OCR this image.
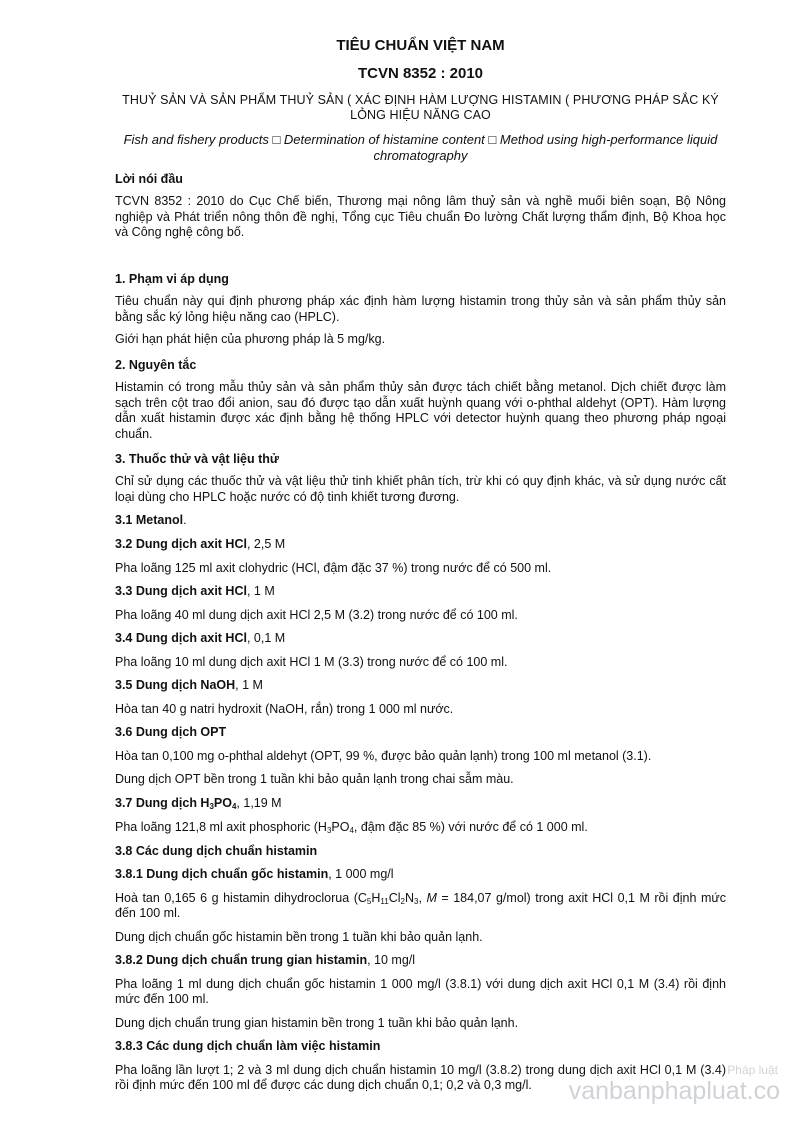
TIÊU CHUẨN VIỆT NAM

TCVN 8352 : 2010

THUỶ SẢN VÀ SẢN PHẨM THUỶ SẢN ( XÁC ĐỊNH HÀM LƯỢNG HISTAMIN ( PHƯƠNG PHÁP SẮC KÝ LỎNG HIỆU NĂNG CAO

Fish and fishery products □ Determination of histamine content □ Method using high-performance liquid chromatography

Lời nói đầu

TCVN 8352 : 2010 do Cục Chế biến, Thương mại nông lâm thuỷ sản và nghề muối biên soạn, Bộ Nông nghiệp và Phát triển nông thôn đề nghị, Tổng cục Tiêu chuẩn Đo lường Chất lượng thẩm định, Bộ Khoa học và Công nghệ công bố.

1. Phạm vi áp dụng

Tiêu chuẩn này qui định phương pháp xác định hàm lượng histamin trong thủy sản và sản phẩm thủy sản bằng sắc ký lỏng hiệu năng cao (HPLC).

Giới hạn phát hiện của phương pháp là 5 mg/kg.

2. Nguyên tắc

Histamin có trong mẫu thủy sản và sản phẩm thủy sản được tách chiết bằng metanol. Dịch chiết được làm sạch trên cột trao đổi anion, sau đó được tạo dẫn xuất huỳnh quang với o-phthal aldehyt (OPT). Hàm lượng dẫn xuất histamin được xác định bằng hệ thống HPLC với detector huỳnh quang theo phương pháp ngoại chuẩn.

3. Thuốc thử và vật liệu thử

Chỉ sử dụng các thuốc thử và vật liệu thử tinh khiết phân tích, trừ khi có quy định khác, và sử dụng nước cất loại dùng cho HPLC hoặc nước có độ tinh khiết tương đương.

3.1 Metanol.

3.2 Dung dịch axit HCl, 2,5 M

Pha loãng 125 ml axit clohydric (HCl, đậm đặc 37 %) trong nước để có 500 ml.

3.3 Dung dịch axit HCl, 1 M

Pha loãng 40 ml dung dịch axit HCl 2,5 M (3.2) trong nước để có 100 ml.

3.4 Dung dịch axit HCl, 0,1 M

Pha loãng 10 ml dung dịch axit HCl 1 M (3.3) trong nước để có 100 ml.

3.5 Dung dịch NaOH, 1 M

Hòa tan 40 g natri hydroxit (NaOH, rắn) trong 1 000 ml nước.

3.6 Dung dịch OPT

Hòa tan 0,100 mg o-phthal aldehyt (OPT, 99 %, được bảo quản lạnh) trong 100 ml metanol (3.1).

Dung dịch OPT bền trong 1 tuần khi bảo quản lạnh trong chai sẫm màu.

3.7 Dung dịch $H_3PO_4$, 1,19 M

Pha loãng 121,8 ml axit phosphoric ($H_3PO_4$, đậm đặc 85 %) với nước để có 1 000 ml.

3.8 Các dung dịch chuẩn histamin

3.8.1 Dung dịch chuẩn gốc histamin, 1 000 mg/l

Hoà tan 0,165 6 g histamin dihydroclorua ($C_5H_{11}Cl_2N_3$, M = 184,07 g/mol) trong axit HCl 0,1 M rồi định mức đến 100 ml.

Dung dịch chuẩn gốc histamin bền trong 1 tuần khi bảo quản lạnh.

3.8.2 Dung dịch chuẩn trung gian histamin, 10 mg/l

Pha loãng 1 ml dung dịch chuẩn gốc histamin 1 000 mg/l (3.8.1) với dung dịch axit HCl 0,1 M (3.4) rồi định mức đến 100 ml.

Dung dịch chuẩn trung gian histamin bền trong 1 tuần khi bảo quản lạnh.

3.8.3 Các dung dịch chuẩn làm việc histamin

Pha loãng lần lượt 1; 2 và 3 ml dung dịch chuẩn histamin 10 mg/l (3.8.2) trong dung dịch axit HCl 0,1 M (3.4) rồi định mức đến 100 ml để được các dung dịch chuẩn 0,1; 0,2 và 0,3 mg/l.

Pháp luật
vanbanphapluat.co
